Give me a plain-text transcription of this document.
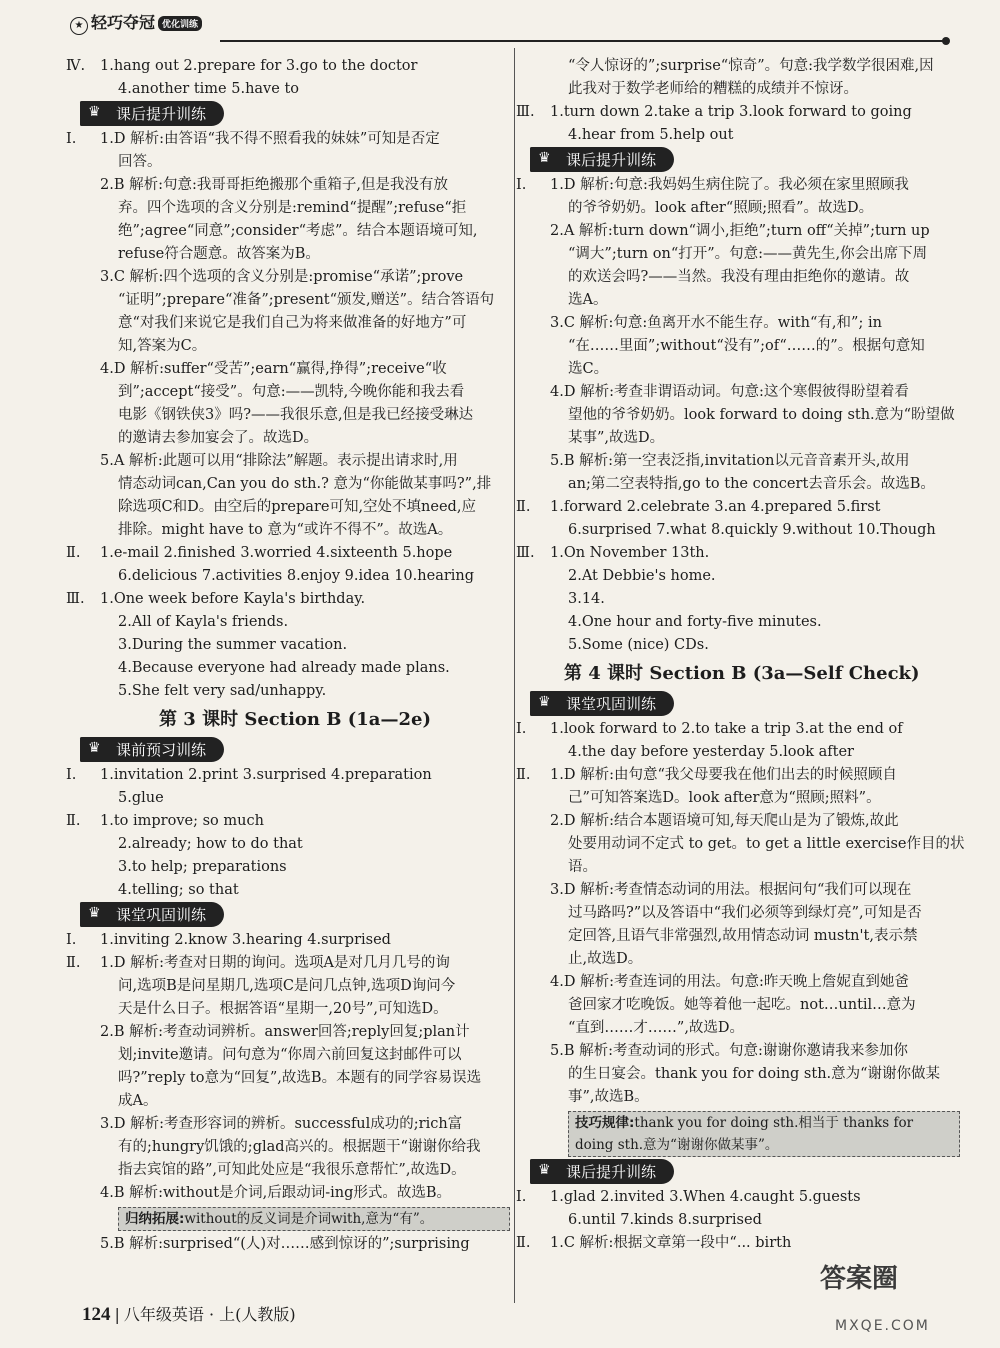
★ 轻巧夺冠 优化训练
Ⅳ. 1.hang out 2.prepare for 3.go to the doctor
4.another time 5.have to
♛ 课后提升训练
Ⅰ. 1.D 解析:由答语“我不得不照看我的妹妹”可知是否定
回答。
2.B 解析:句意:我哥哥拒绝搬那个重箱子,但是我没有放
弃。四个选项的含义分别是:remind“提醒”;refuse“拒
绝”;agree“同意”;consider“考虑”。结合本题语境可知,
refuse符合题意。故答案为B。
3.C 解析:四个选项的含义分别是:promise“承诺”;prove
“证明”;prepare“准备”;present“颁发,赠送”。结合答语句
意“对我们来说它是我们自己为将来做准备的好地方”可
知,答案为C。
4.D 解析:suffer“受苦”;earn“赢得,挣得”;receive“收
到”;accept“接受”。句意:——凯特,今晚你能和我去看
电影《钢铁侠3》吗?——我很乐意,但是我已经接受琳达
的邀请去参加宴会了。故选D。
5.A 解析:此题可以用“排除法”解题。表示提出请求时,用
情态动词can,Can you do sth.? 意为“你能做某事吗?”,排
除选项C和D。由空后的prepare可知,空处不填need,应
排除。might have to 意为“或许不得不”。故选A。
Ⅱ. 1.e-mail 2.finished 3.worried 4.sixteenth 5.hope
6.delicious 7.activities 8.enjoy 9.idea 10.hearing
Ⅲ. 1.One week before Kayla's birthday.
2.All of Kayla's friends.
3.During the summer vacation.
4.Because everyone had already made plans.
5.She felt very sad/unhappy.
第 3 课时 Section B (1a—2e)
♛ 课前预习训练
Ⅰ. 1.invitation 2.print 3.surprised 4.preparation
5.glue
Ⅱ. 1.to improve; so much
2.already; how to do that
3.to help; preparations
4.telling; so that
♛ 课堂巩固训练
Ⅰ. 1.inviting 2.know 3.hearing 4.surprised
Ⅱ. 1.D 解析:考查对日期的询问。选项A是对几月几号的询
问,选项B是问星期几,选项C是问几点钟,选项D询问今
天是什么日子。根据答语“星期一,20号”,可知选D。
2.B 解析:考查动词辨析。answer回答;reply回复;plan计
划;invite邀请。问句意为“你周六前回复这封邮件可以
吗?”reply to意为“回复”,故选B。本题有的同学容易误选
成A。
3.D 解析:考查形容词的辨析。successful成功的;rich富
有的;hungry饥饿的;glad高兴的。根据题干“谢谢你给我
指去宾馆的路”,可知此处应是“我很乐意帮忙”,故选D。
4.B 解析:without是介词,后跟动词-ing形式。故选B。
归纳拓展:without的反义词是介词with,意为“有”。
5.B 解析:surprised“(人)对……感到惊讶的”;surprising
“令人惊讶的”;surprise“惊奇”。句意:我学数学很困难,因
此我对于数学老师给的糟糕的成绩并不惊讶。
Ⅲ. 1.turn down 2.take a trip 3.look forward to going
4.hear from 5.help out
♛ 课后提升训练
Ⅰ. 1.D 解析:句意:我妈妈生病住院了。我必须在家里照顾我
的爷爷奶奶。look after“照顾;照看”。故选D。
2.A 解析:turn down“调小,拒绝”;turn off“关掉”;turn up
“调大”;turn on“打开”。句意:——黄先生,你会出席下周
的欢送会吗?——当然。我没有理由拒绝你的邀请。故
选A。
3.C 解析:句意:鱼离开水不能生存。with“有,和”; in
“在……里面”;without“没有”;of“……的”。根据句意知
选C。
4.D 解析:考查非谓语动词。句意:这个寒假彼得盼望着看
望他的爷爷奶奶。look forward to doing sth.意为“盼望做
某事”,故选D。
5.B 解析:第一空表泛指,invitation以元音音素开头,故用
an;第二空表特指,go to the concert去音乐会。故选B。
Ⅱ. 1.forward 2.celebrate 3.an 4.prepared 5.first
6.surprised 7.what 8.quickly 9.without 10.Though
Ⅲ. 1.On November 13th.
2.At Debbie's home.
3.14.
4.One hour and forty-five minutes.
5.Some (nice) CDs.
第 4 课时 Section B (3a—Self Check)
♛ 课堂巩固训练
Ⅰ. 1.look forward to 2.to take a trip 3.at the end of
4.the day before yesterday 5.look after
Ⅱ. 1.D 解析:由句意“我父母要我在他们出去的时候照顾自
己”可知答案选D。look after意为“照顾;照料”。
2.D 解析:结合本题语境可知,每天爬山是为了锻炼,故此
处要用动词不定式 to get。to get a little exercise作目的状
语。
3.D 解析:考查情态动词的用法。根据问句“我们可以现在
过马路吗?”以及答语中“我们必须等到绿灯亮”,可知是否
定回答,且语气非常强烈,故用情态动词 mustn't,表示禁
止,故选D。
4.D 解析:考查连词的用法。句意:昨天晚上詹妮直到她爸
爸回家才吃晚饭。她等着他一起吃。not…until…意为
“直到……才……”,故选D。
5.B 解析:考查动词的形式。句意:谢谢你邀请我来参加你
的生日宴会。thank you for doing sth.意为“谢谢你做某
事”,故选B。
技巧规律:thank you for doing sth.相当于 thanks for
doing sth.意为“谢谢你做某事”。
♛ 课后提升训练
Ⅰ. 1.glad 2.invited 3.When 4.caught 5.guests
6.until 7.kinds 8.surprised
Ⅱ. 1.C 解析:根据文章第一段中“... birth
124 | 八年级英语 · 上(人教版)
答案圈
MXQE.COM
